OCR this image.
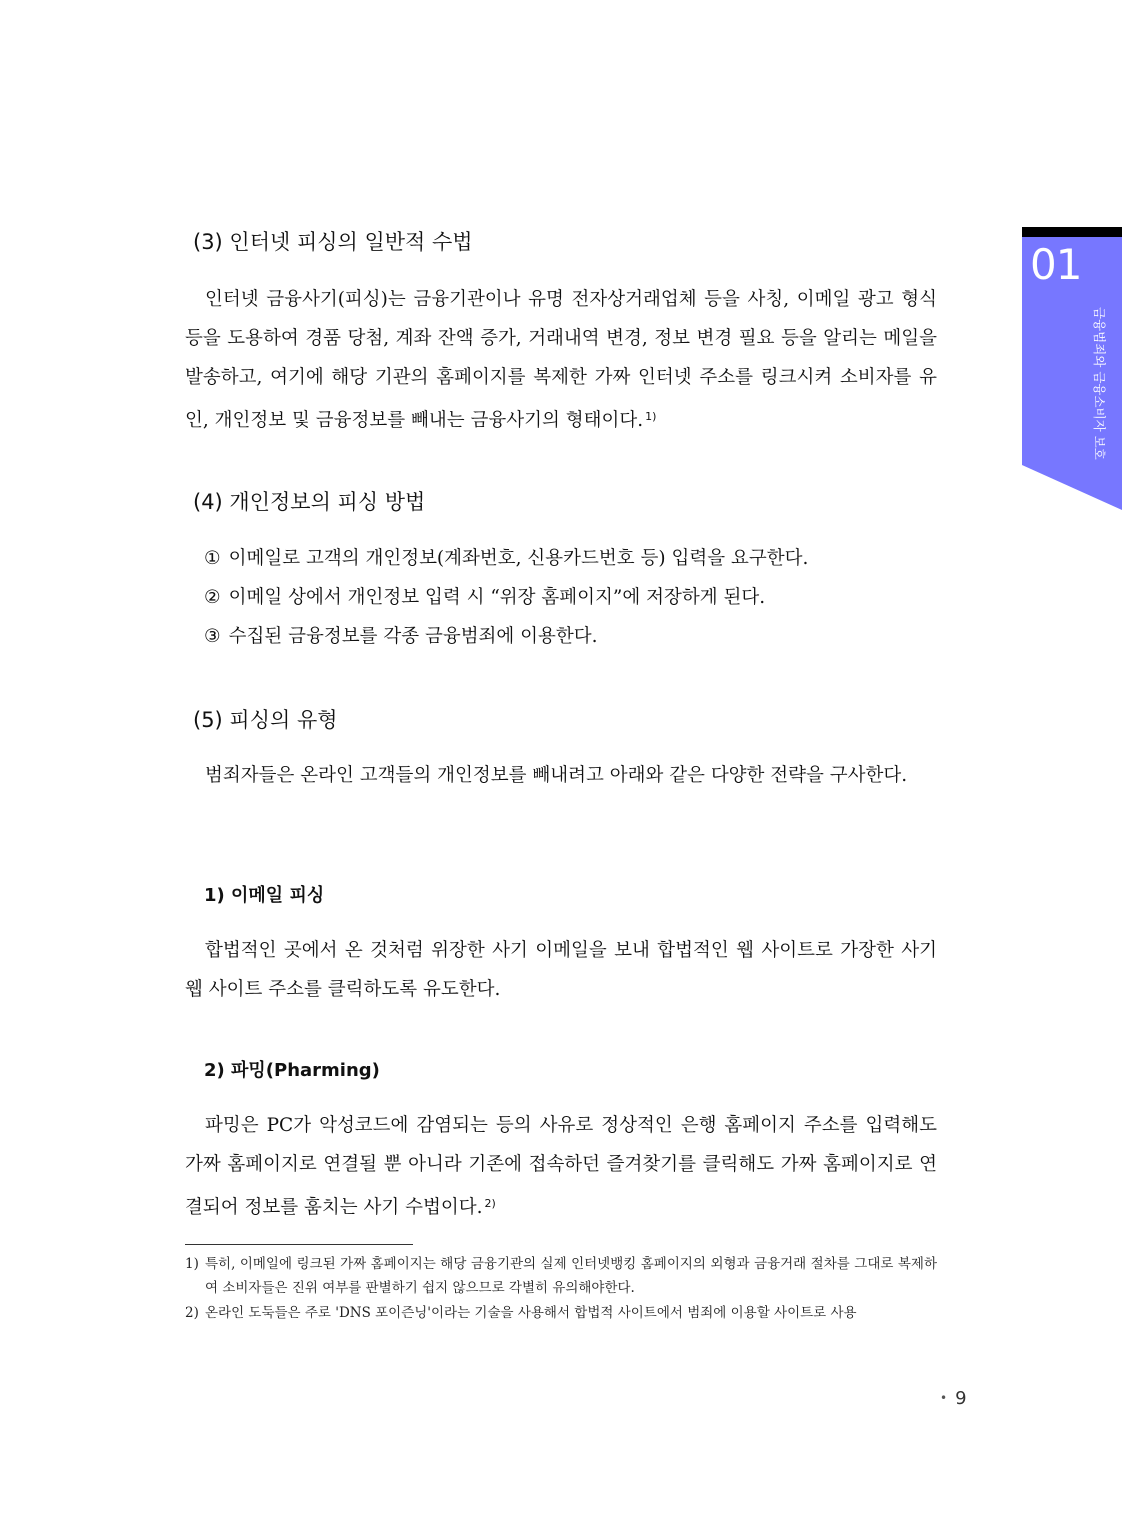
01
금융범죄와 금융소비자 보호
(3) 인터넷 피싱의 일반적 수법

인터넷 금융사기(피싱)는 금융기관이나 유명 전자상거래업체 등을 사칭, 이메일 광고 형식 등을 도용하여 경품 당첨, 계좌 잔액 증가, 거래내역 변경, 정보 변경 필요 등을 알리는 메일을 발송하고, 여기에 해당 기관의 홈페이지를 복제한 가짜 인터넷 주소를 링크시켜 소비자를 유인, 개인정보 및 금융정보를 빼내는 금융사기의 형태이다. $^{1)}$

(4) 개인정보의 피싱 방법
① 이메일로 고객의 개인정보(계좌번호, 신용카드번호 등) 입력을 요구한다.
② 이메일 상에서 개인정보 입력 시 “위장 홈페이지”에 저장하게 된다.
③ 수집된 금융정보를 각종 금융범죄에 이용한다.
(5) 피싱의 유형

범죄자들은 온라인 고객들의 개인정보를 빼내려고 아래와 같은 다양한 전략을 구사한다.

1) 이메일 피싱

합법적인 곳에서 온 것처럼 위장한 사기 이메일을 보내 합법적인 웹 사이트로 가장한 사기 웹 사이트 주소를 클릭하도록 유도한다.

2) 파밍(Pharming)

파밍은 PC가 악성코드에 감염되는 등의 사유로 정상적인 은행 홈페이지 주소를 입력해도 가짜 홈페이지로 연결될 뿐 아니라 기존에 접속하던 즐겨찾기를 클릭해도 가짜 홈페이지로 연결되어 정보를 훔치는 사기 수법이다. $^{2)}$

1) 특히, 이메일에 링크된 가짜 홈페이지는 해당 금융기관의 실제 인터넷뱅킹 홈페이지의 외형과 금융거래 절차를 그대로 복제하여 소비자들은 진위 여부를 판별하기 쉽지 않으므로 각별히 유의해야한다.
2) 온라인 도둑들은 주로 'DNS 포이즌닝'이라는 기술을 사용해서 합법적 사이트에서 범죄에 이용할 사이트로 사용
• 9
